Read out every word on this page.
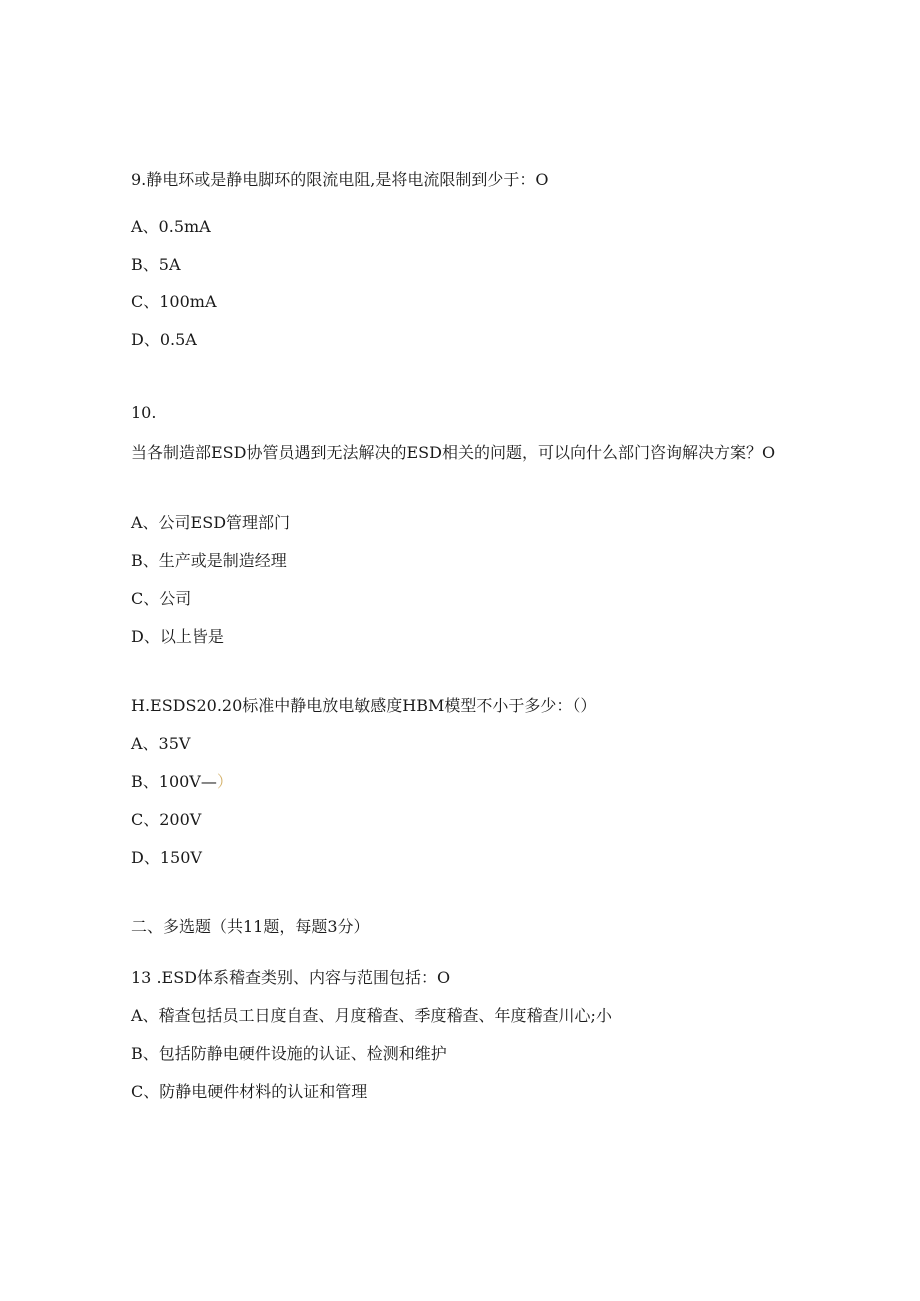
9.静电环或是静电脚环的限流电阻,是将电流限制到少于：O
A、0.5mA
B、5A
C、100mA
D、0.5A
10.
当各制造部ESD协管员遇到无法解决的ESD相关的问题，可以向什么部门咨询解决方案？O
A、公司ESD管理部门
B、生产或是制造经理
C、公司
D、以上皆是
H.ESDS20.20标准中静电放电敏感度HBM模型不小于多少：（）
A、35V
B、100V—）
C、200V
D、150V
二、多选题（共11题，每题3分）
13 .ESD体系稽查类别、内容与范围包括：O
A、稽查包括员工日度自查、月度稽查、季度稽查、年度稽查川心;小
B、包括防静电硬件设施的认证、检测和维护
C、防静电硬件材料的认证和管理
